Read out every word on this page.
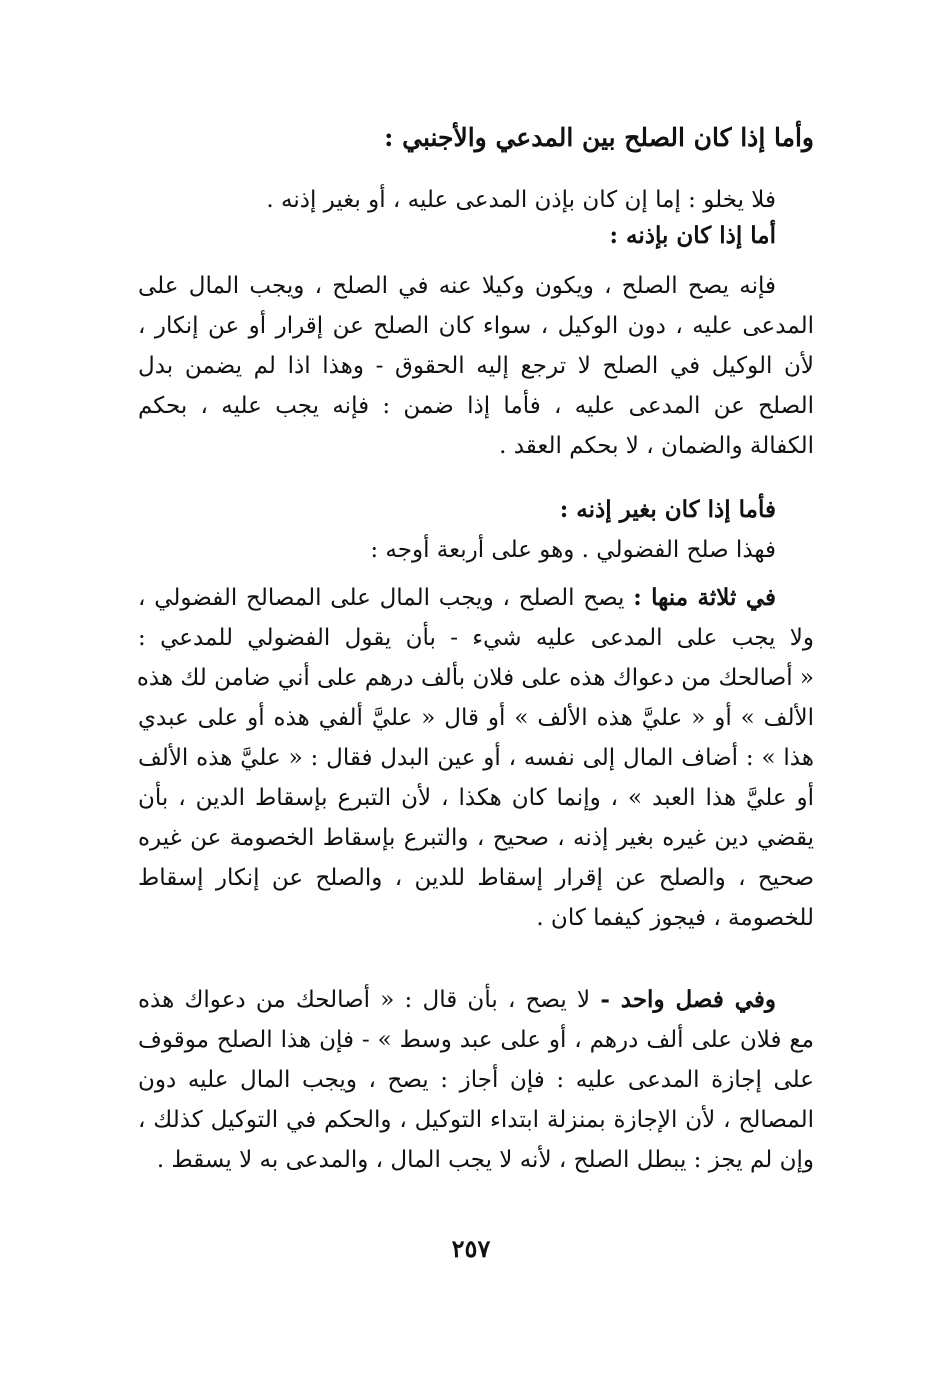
وأما إذا كان الصلح بين المدعي والأجنبي :
فلا يخلو : إما إن كان بإذن المدعى عليه ، أو بغير إذنه .
أما إذا كان بإذنه :
فإنه يصح الصلح ، ويكون وكيلا عنه في الصلح ، ويجب المال على
المدعى عليه ، دون الوكيل ، سواء كان الصلح عن إقرار أو عن إنكار ،
لأن الوكيل في الصلح لا ترجع إليه الحقوق - وهذا اذا لم يضمن بدل
الصلح عن المدعى عليه ، فأما إذا ضمن : فإنه يجب عليه ، بحكم
الكفالة والضمان ، لا بحكم العقد .
فأما إذا كان بغير إذنه :
فهذا صلح الفضولي . وهو على أربعة أوجه :
في ثلاثة منها : يصح الصلح ، ويجب المال على المصالح الفضولي ،
ولا يجب على المدعى عليه شيء - بأن يقول الفضولي للمدعي :
« أصالحك من دعواك هذه على فلان بألف درهم على أني ضامن لك هذه
الألف » أو « عليَّ هذه الألف » أو قال « عليَّ ألفي هذه أو على عبدي
هذا » : أضاف المال إلى نفسه ، أو عين البدل فقال : « عليَّ هذه الألف
أو عليَّ هذا العبد » ، وإنما كان هكذا ، لأن التبرع بإسقاط الدين ، بأن
يقضي دين غيره بغير إذنه ، صحيح ، والتبرع بإسقاط الخصومة عن غيره
صحيح ، والصلح عن إقرار إسقاط للدين ، والصلح عن إنكار إسقاط
للخصومة ، فيجوز كيفما كان .
وفي فصل واحد - لا يصح ، بأن قال : « أصالحك من دعواك هذه
مع فلان على ألف درهم ، أو على عبد وسط » - فإن هذا الصلح موقوف
على إجازة المدعى عليه : فإن أجاز : يصح ، ويجب المال عليه دون
المصالح ، لأن الإجازة بمنزلة ابتداء التوكيل ، والحكم في التوكيل كذلك ،
وإن لم يجز : يبطل الصلح ، لأنه لا يجب المال ، والمدعى به لا يسقط .
٢٥٧
